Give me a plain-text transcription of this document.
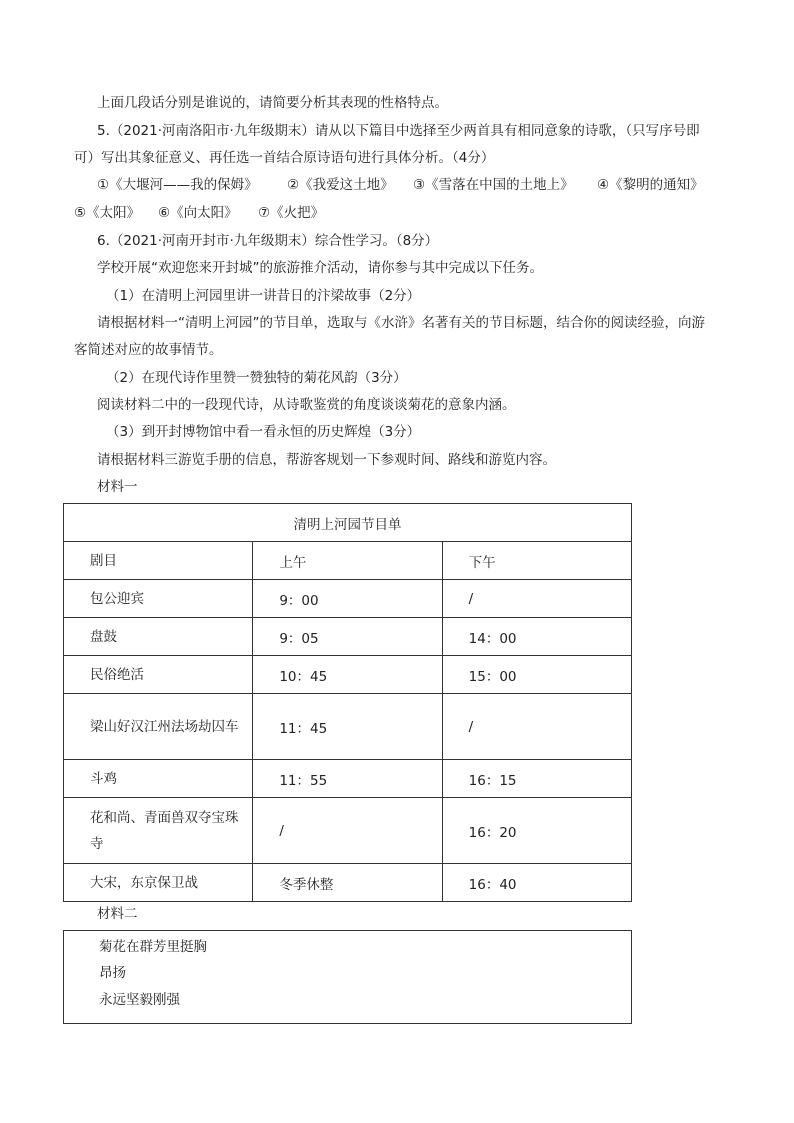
上面几段话分别是谁说的，请简要分析其表现的性格特点。
5.（2021·河南洛阳市·九年级期末）请从以下篇目中选择至少两首具有相同意象的诗歌，（只写序号即
可）写出其象征意义、再任选一首结合原诗语句进行具体分析。（4分）
①《大堰河——我的保姆》 ②《我爱这土地》 ③《雪落在中国的土地上》 ④《黎明的通知》
⑤《太阳》 ⑥《向太阳》 ⑦《火把》
6.（2021·河南开封市·九年级期末）综合性学习。（8分）
学校开展“欢迎您来开封城”的旅游推介活动，请你参与其中完成以下任务。
（1）在清明上河园里讲一讲昔日的汴梁故事（2分）
请根据材料一“清明上河园”的节目单，选取与《水浒》名著有关的节目标题，结合你的阅读经验，向游
客简述对应的故事情节。
（2）在现代诗作里赞一赞独特的菊花风韵（3分）
阅读材料二中的一段现代诗，从诗歌鉴赏的角度谈谈菊花的意象内涵。
（3）到开封博物馆中看一看永恒的历史辉煌（3分）
请根据材料三游览手册的信息，帮游客规划一下参观时间、路线和游览内容。
材料一
清明上河园节目单		
剧目	上午	下午
包公迎宾	9：00	/
盘鼓	9：05	14：00
民俗绝活	10：45	15：00
梁山好汉江州法场劫囚车	11：45	/
斗鸡	11：55	16：15
花和尚、青面兽双夺宝珠寺	/	16：20
大宋，东京保卫战	冬季休整	16：40
材料二
菊花在群芳里挺胸
昂扬
永远坚毅刚强
